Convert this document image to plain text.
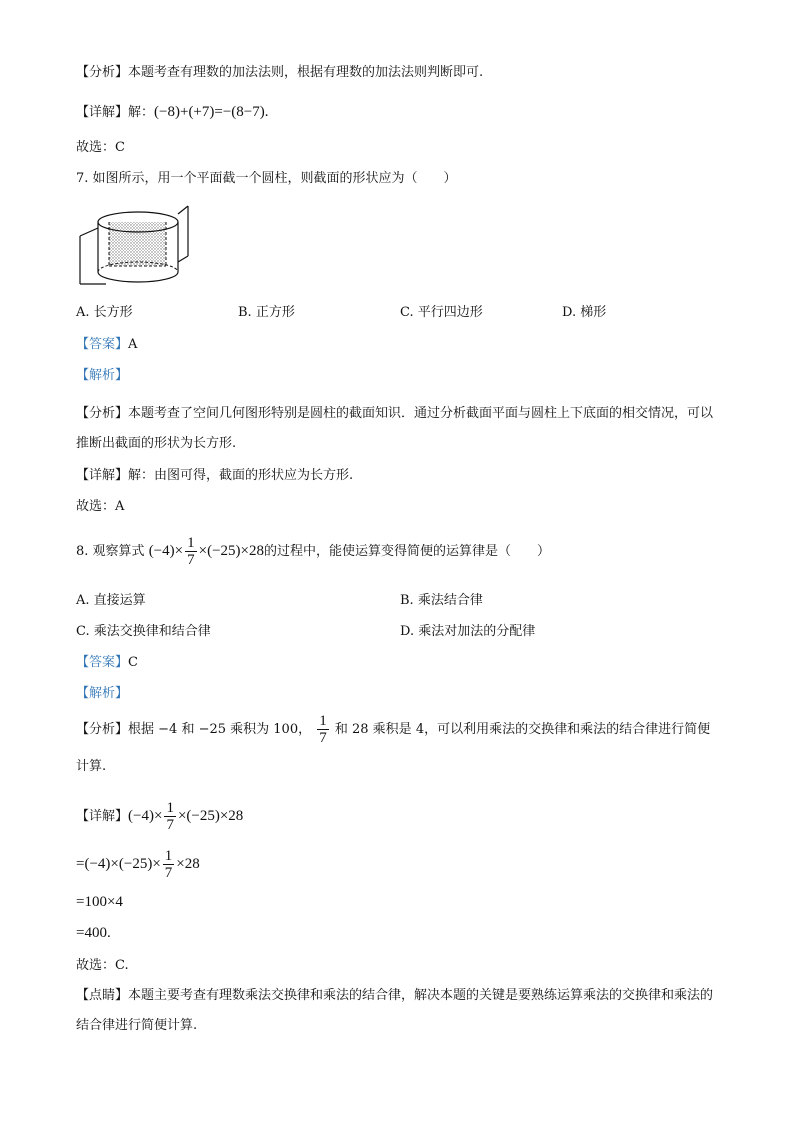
【分析】本题考查有理数的加法法则，根据有理数的加法法则判断即可.
【详解】解：(−8)+(+7)=−(8−7).
故选：C
7. 如图所示，用一个平面截一个圆柱，则截面的形状应为（　　）
A. 长方形	B. 正方形	C. 平行四边形	D. 梯形
【答案】A
【解析】
【分析】本题考查了空间几何图形特别是圆柱的截面知识．通过分析截面平面与圆柱上下底面的相交情况，可以推断出截面的形状为长方形.
【详解】解：由图可得，截面的形状应为长方形.
故选：A
8. 观察算式 $(-4)\times \frac{1}{7} \times(-25)\times 28$的过程中，能使运算变得简便的运算律是（　　）
A. 直接运算	B. 乘法结合律
C. 乘法交换律和结合律	D. 乘法对加法的分配律
【答案】C
【解析】
【分析】根据 −4 和 −25 乘积为 100， $\frac{1}{7}$ 和 28 乘积是 4，可以利用乘法的交换律和乘法的结合律进行简便
计算.
【详解】$(-4)\times \frac{1}{7} \times(-25)\times 28$
$=(-4)\times(-25)\times \frac{1}{7} \times 28$
=100×4
=400.
故选：C.
【点睛】本题主要考查有理数乘法交换律和乘法的结合律，解决本题的关键是要熟练运算乘法的交换律和乘法的结合律进行简便计算.
